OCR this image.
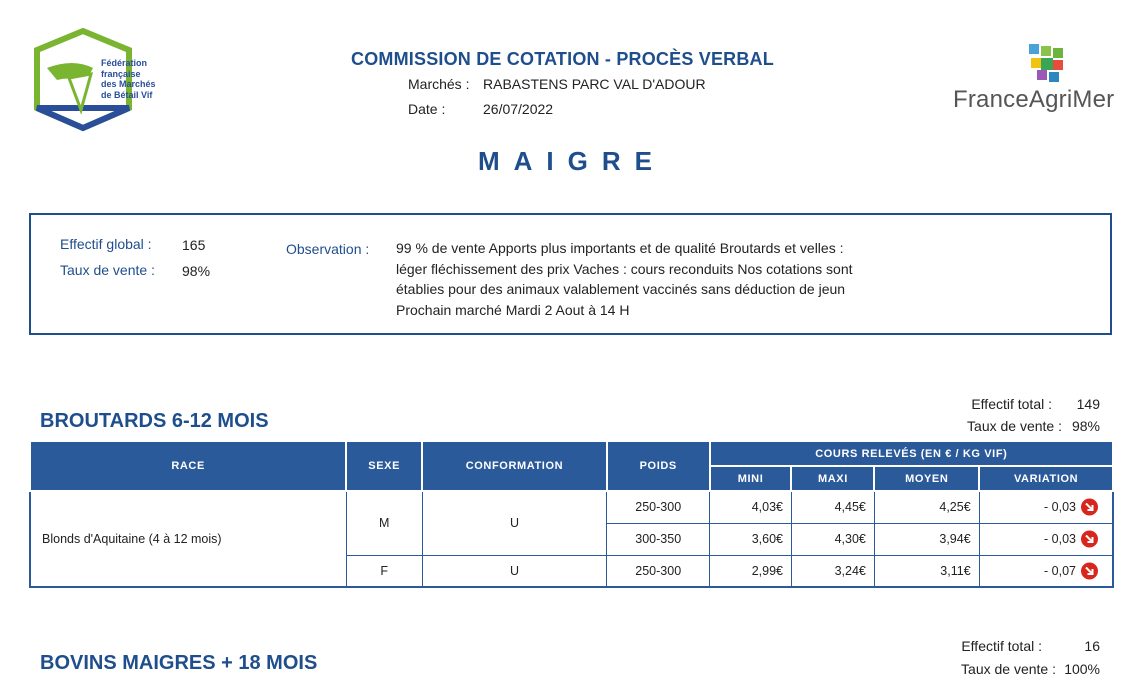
Fédération
française
des Marchés
de Bétail Vif	FranceAgriMer
COMMISSION DE COTATION - PROCÈS VERBAL
Marchés : RABASTENS PARC VAL D'ADOUR
Date :	26/07/2022
MAIGRE
Effectif global : 165
Taux de vente : 98%
Observation : 99 % de vente Apports plus importants et de qualité Broutards et velles : léger fléchissement des prix Vaches : cours reconduits Nos cotations sont établies pour des animaux valablement vaccinés sans déduction de jeun Prochain marché Mardi 2 Aout à 14 H
BROUTARDS 6-12 MOIS
Effectif total :	149
Taux de vente : 98%
RACE	SEXE	CONFORMATION	POIDS	COURS RELEVÉS (EN € / KG VIF)			
				MINI	MAXI	MOYEN	VARIATION
Blonds d'Aquitaine (4 à 12 mois)	M	U	250-300	4,03€	4,45€	4,25€	- 0,03

			300-350	3,60€	4,30€	3,94€	- 0,03

	F	U	250-300	2,99€	3,24€	3,11€	- 0,07
BOVINS MAIGRES + 18 MOIS
Effectif total :	16
Taux de vente : 100%
